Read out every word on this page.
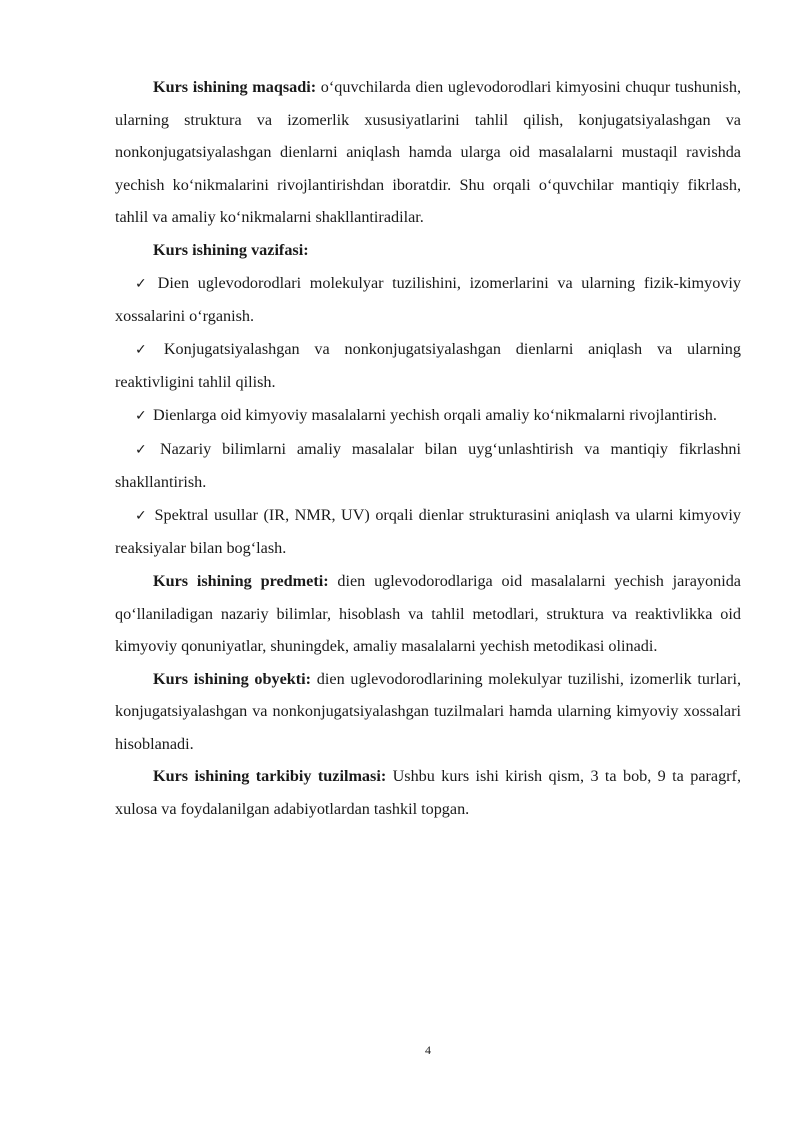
Kurs ishining maqsadi: o‘quvchilarda dien uglevodorodlari kimyosini chuqur tushunish, ularning struktura va izomerlik xususiyatlarini tahlil qilish, konjugatsiyalashgan va nonkonjugatsiyalashgan dienlarni aniqlash hamda ularga oid masalalarni mustaqil ravishda yechish ko‘nikmalarini rivojlantirishdan iboratdir. Shu orqali o‘quvchilar mantiqiy fikrlash, tahlil va amaliy ko‘nikmalarni shakllantiradilar.

Kurs ishining vazifasi:

✓ Dien uglevodorodlari molekulyar tuzilishini, izomerlarini va ularning fizik-kimyoviy xossalarini o‘rganish.

✓ Konjugatsiyalashgan va nonkonjugatsiyalashgan dienlarni aniqlash va ularning reaktivligini tahlil qilish.

✓ Dienlarga oid kimyoviy masalalarni yechish orqali amaliy ko‘nikmalarni rivojlantirish.

✓ Nazariy bilimlarni amaliy masalalar bilan uyg‘unlashtirish va mantiqiy fikrlashni shakllantirish.

✓ Spektral usullar (IR, NMR, UV) orqali dienlar strukturasini aniqlash va ularni kimyoviy reaksiyalar bilan bog‘lash.

Kurs ishining predmeti: dien uglevodorodlariga oid masalalarni yechish jarayonida qo‘llaniladigan nazariy bilimlar, hisoblash va tahlil metodlari, struktura va reaktivlikka oid kimyoviy qonuniyatlar, shuningdek, amaliy masalalarni yechish metodikasi olinadi.

Kurs ishining obyekti: dien uglevodorodlarining molekulyar tuzilishi, izomerlik turlari, konjugatsiyalashgan va nonkonjugatsiyalashgan tuzilmalari hamda ularning kimyoviy xossalari hisoblanadi.

Kurs ishining tarkibiy tuzilmasi: Ushbu kurs ishi kirish qism, 3 ta bob, 9 ta paragrf, xulosa va foydalanilgan adabiyotlardan tashkil topgan.

4
